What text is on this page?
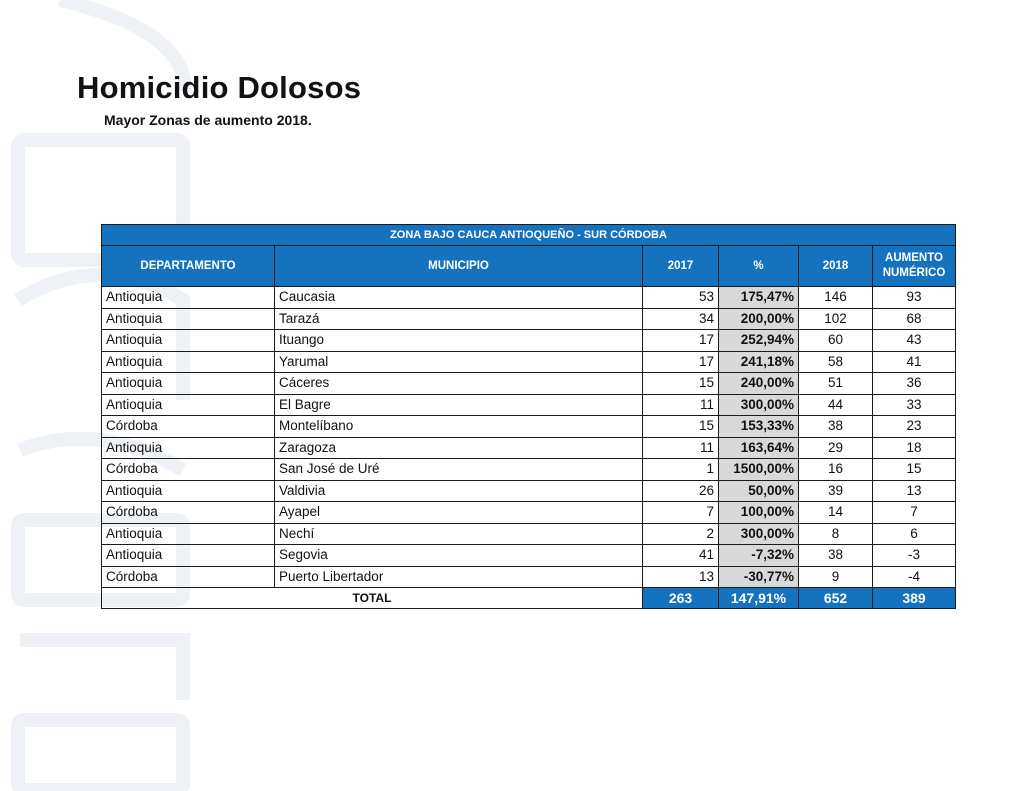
Homicidio Dolosos

Mayor Zonas de aumento 2018.

ZONA BAJO CAUCA ANTIOQUEÑO - SUR CÓRDOBA					
DEPARTAMENTO	MUNICIPIO	2017	%	2018	AUMENTO NUMÉRICO
Antioquia	Caucasia	53	175,47%	146	93
Antioquia	Tarazá	34	200,00%	102	68
Antioquia	Ituango	17	252,94%	60	43
Antioquia	Yarumal	17	241,18%	58	41
Antioquia	Cáceres	15	240,00%	51	36
Antioquia	El Bagre	11	300,00%	44	33
Córdoba	Montelíbano	15	153,33%	38	23
Antioquia	Zaragoza	11	163,64%	29	18
Córdoba	San José de Uré	1	1500,00%	16	15
Antioquia	Valdivia	26	50,00%	39	13
Córdoba	Ayapel	7	100,00%	14	7
Antioquia	Nechí	2	300,00%	8	6
Antioquia	Segovia	41	-7,32%	38	-3
Córdoba	Puerto Libertador	13	-30,77%	9	-4
TOTAL		263	147,91%	652	389
